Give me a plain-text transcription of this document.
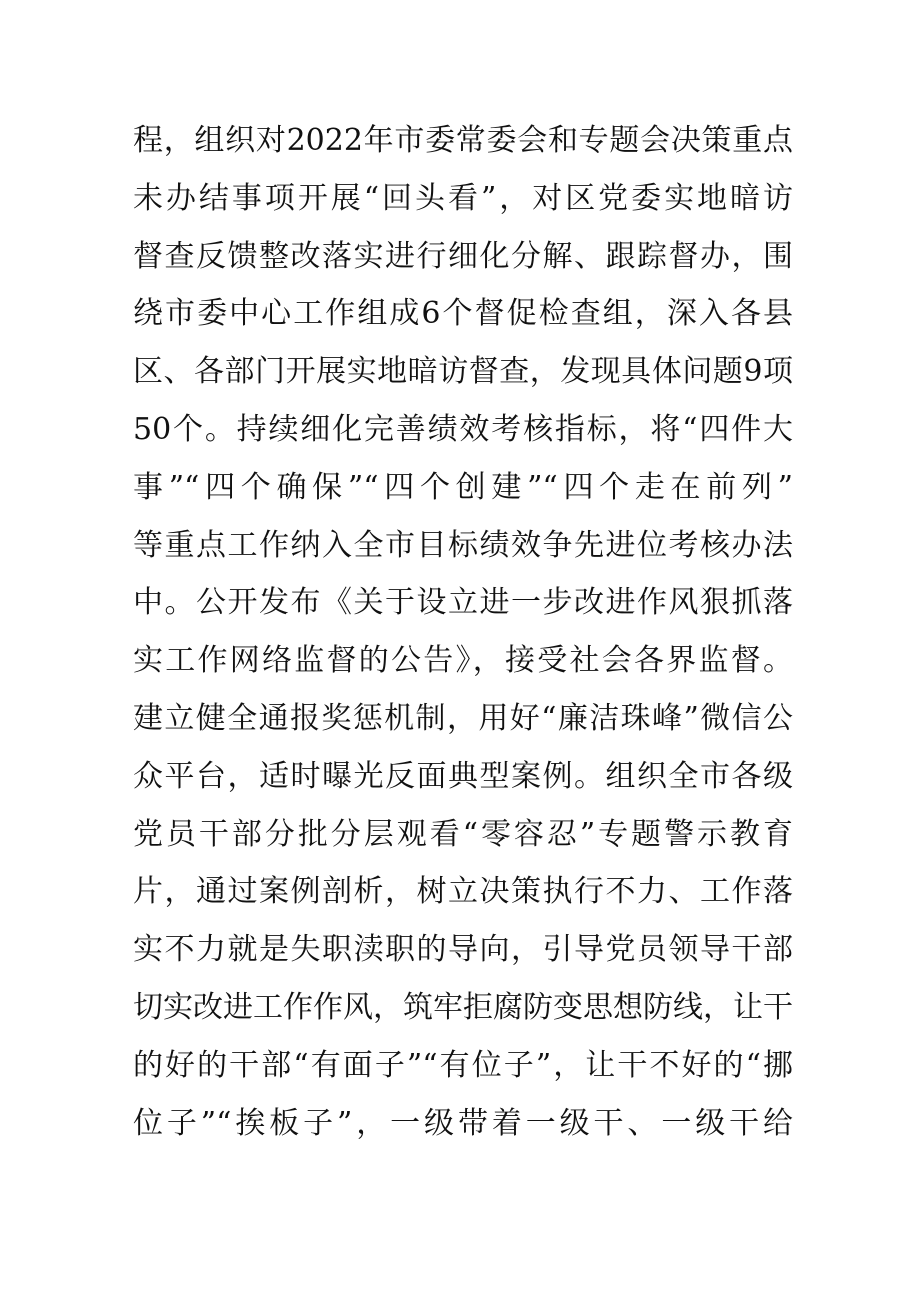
程，组织对2022年市委常委会和专题会决策重点
未办结事项开展“回头看”，对区党委实地暗访
督查反馈整改落实进行细化分解、跟踪督办，围
绕市委中心工作组成6个督促检查组，深入各县
区、各部门开展实地暗访督查，发现具体问题9项
50个。持续细化完善绩效考核指标，将“四件大
事”“四个确保”“四个创建”“四个走在前列”
等重点工作纳入全市目标绩效争先进位考核办法
中。公开发布《关于设立进一步改进作风狠抓落
实工作网络监督的公告》，接受社会各界监督。
建立健全通报奖惩机制，用好“廉洁珠峰”微信公
众平台，适时曝光反面典型案例。组织全市各级
党员干部分批分层观看“零容忍”专题警示教育
片，通过案例剖析，树立决策执行不力、工作落
实不力就是失职渎职的导向，引导党员领导干部
切实改进工作作风，筑牢拒腐防变思想防线，让干
的好的干部“有面子”“有位子”，让干不好的“挪
位子”“挨板子”，一级带着一级干、一级干给
